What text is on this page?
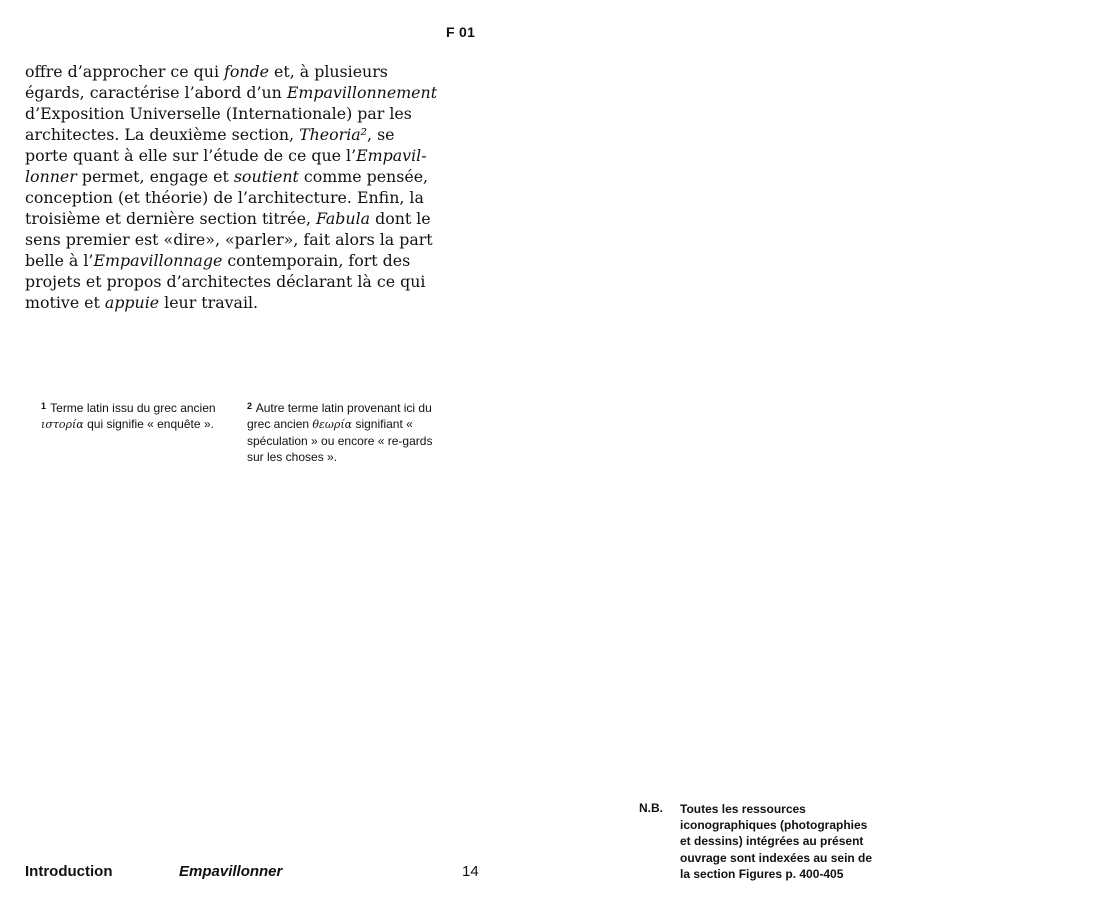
F 01

offre d’approcher ce qui fonde et, à plusieurs
égards, caractérise l’abord d’un Empavillonnement
d’Exposition Universelle (Internationale) par les
architectes. La deuxième section, Theoria², se
porte quant à elle sur l’étude de ce que l’Empavil-
lonner permet, engage et soutient comme pensée,
conception (et théorie) de l’architecture. Enfin, la
troisième et dernière section titrée, Fabula dont le
sens premier est «dire», «parler», fait alors la part
belle à l’Empavillonnage contemporain, fort des
projets et propos d’architectes déclarant là ce qui
motive et appuie leur travail.

$^1$ Terme latin issu du grec ancien ιστορία qui signifie « enquête ».
$^2$ Autre terme latin provenant ici du grec ancien θεωρία signifiant « spéculation » ou encore « re-gards sur les choses ».
Introduction	Empavillonner	14
N.B. Toutes les ressources
iconographiques (photographies
et dessins) intégrées au présent
ouvrage sont indexées au sein de
la section Figures p. 400-405
